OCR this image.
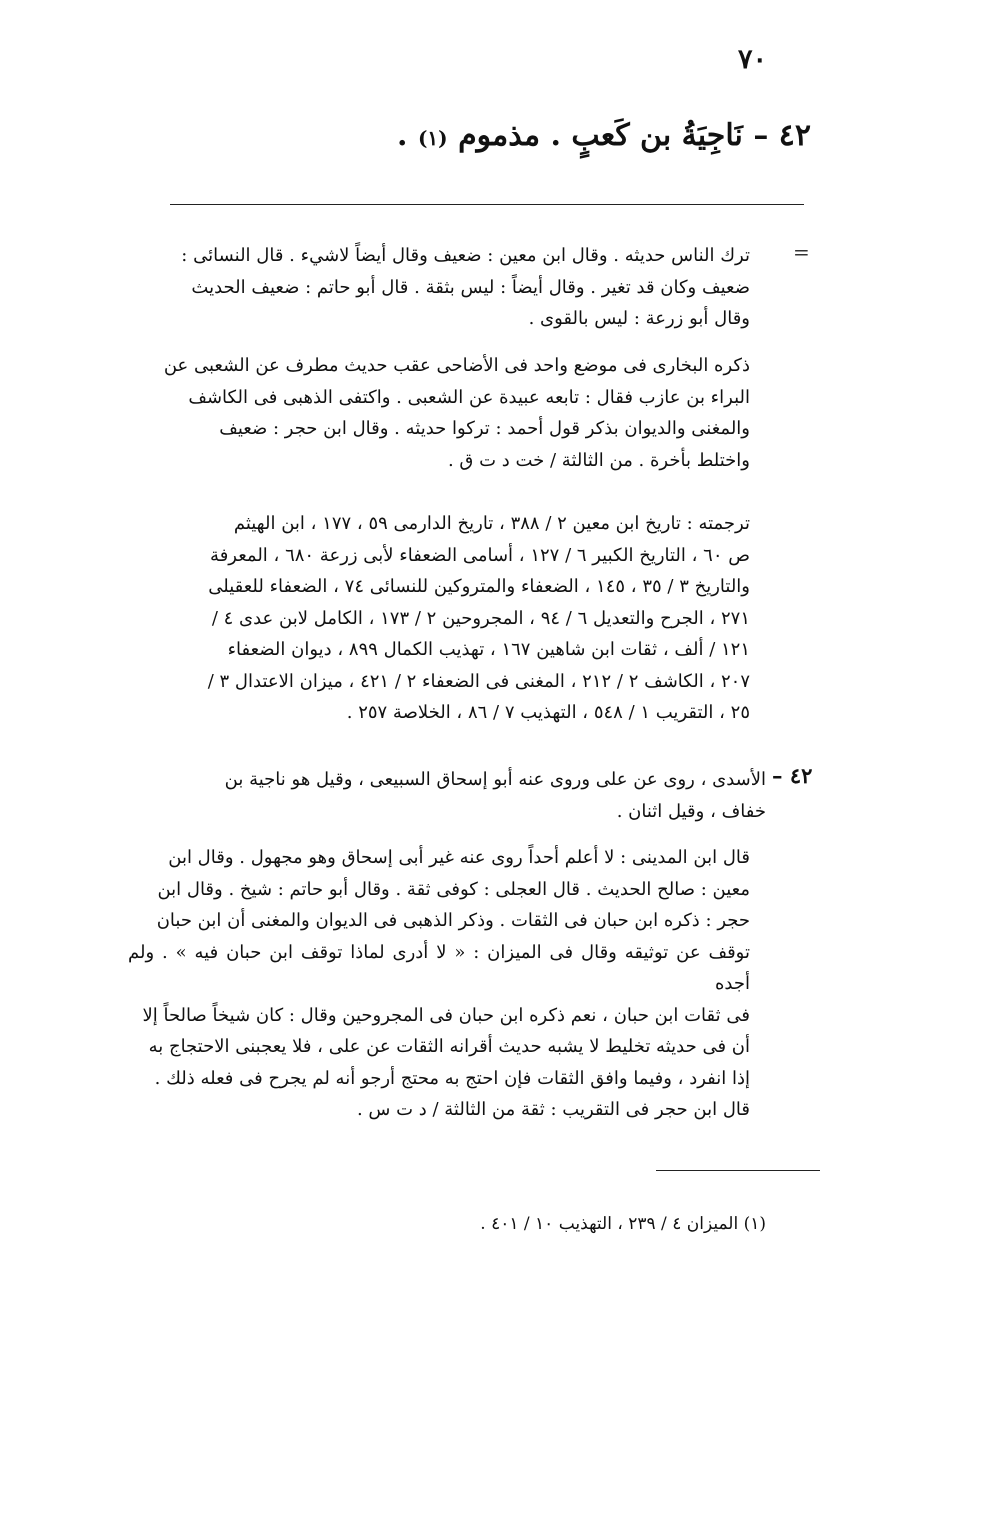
٧٠
٤٢ – نَاجِيَةُ بن كَعبٍ . مذموم (١) .
=

ترك الناس حديثه . وقال ابن معين : ضعيف وقال أيضاً لاشيء . قال النسائى :

ضعيف وكان قد تغير . وقال أيضاً : ليس بثقة . قال أبو حاتم : ضعيف الحديث

وقال أبو زرعة : ليس بالقوى .

ذكره البخارى فى موضع واحد فى الأضاحى عقب حديث مطرف عن الشعبى عن

البراء بن عازب فقال : تابعه عبيدة عن الشعبى . واكتفى الذهبى فى الكاشف

والمغنى والديوان بذكر قول أحمد : تركوا حديثه . وقال ابن حجر : ضعيف

واختلط بأخرة . من الثالثة / خت د ت ق .

ترجمته : تاريخ ابن معين ٢ / ٣٨٨ ، تاريخ الدارمى ٥٩ ، ١٧٧ ، ابن الهيثم

ص ٦٠ ، التاريخ الكبير ٦ / ١٢٧ ، أسامى الضعفاء لأبى زرعة ٦٨٠ ، المعرفة

والتاريخ ٣ / ٣٥ ، ١٤٥ ، الضعفاء والمتروكين للنسائى ٧٤ ، الضعفاء للعقيلى

٢٧١ ، الجرح والتعديل ٦ / ٩٤ ، المجروحين ٢ / ١٧٣ ، الكامل لابن عدى ٤ /

١٢١ / ألف ، ثقات ابن شاهين ١٦٧ ، تهذيب الكمال ٨٩٩ ، ديوان الضعفاء

٢٠٧ ، الكاشف ٢ / ٢١٢ ، المغنى فى الضعفاء ٢ / ٤٢١ ، ميزان الاعتدال ٣ /

٢٥ ، التقريب ١ / ٥٤٨ ، التهذيب ٧ / ٨٦ ، الخلاصة ٢٥٧ .

٤٢ –

الأسدى ، روى عن على وروى عنه أبو إسحاق السبيعى ، وقيل هو ناجية بن

خفاف ، وقيل اثنان .

قال ابن المدينى : لا أعلم أحداً روى عنه غير أبى إسحاق وهو مجهول . وقال ابن

معين : صالح الحديث . قال العجلى : كوفى ثقة . وقال أبو حاتم : شيخ . وقال ابن

حجر : ذكره ابن حبان فى الثقات . وذكر الذهبى فى الديوان والمغنى أن ابن حبان

توقف عن توثيقه وقال فى الميزان : « لا أدرى لماذا توقف ابن حبان فيه » . ولم أجده

فى ثقات ابن حبان ، نعم ذكره ابن حبان فى المجروحين وقال : كان شيخاً صالحاً إلا

أن فى حديثه تخليط لا يشبه حديث أقرانه الثقات عن على ، فلا يعجبنى الاحتجاج به

إذا انفرد ، وفيما وافق الثقات فإن احتج به محتج أرجو أنه لم يجرح فى فعله ذلك .

قال ابن حجر فى التقريب : ثقة من الثالثة / د ت س .

(١) الميزان ٤ / ٢٣٩ ، التهذيب ١٠ / ٤٠١ .
